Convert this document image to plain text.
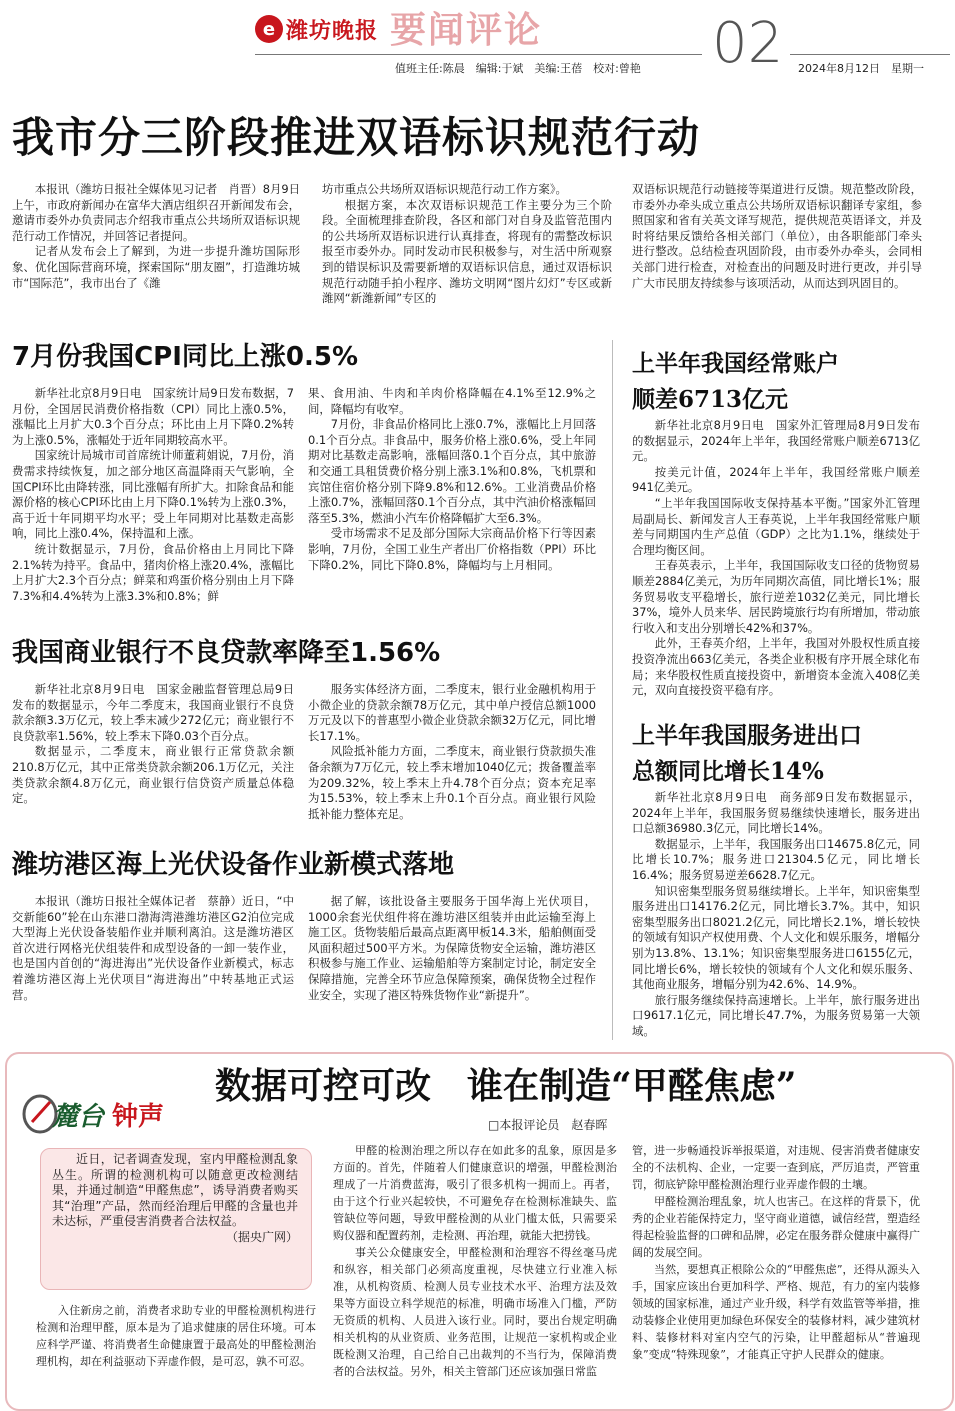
e 潍坊晚报 要闻评论	02
值班主任:陈晨　编辑:于斌　美编:王蓓　校对:曾艳	2024年8月12日　星期一
我市分三阶段推进双语标识规范行动

本报讯（潍坊日报社全媒体见习记者　肖晋）8月9日上午，市政府新闻办在富华大酒店组织召开新闻发布会，邀请市委外办负责同志介绍我市重点公共场所双语标识规范行动工作情况，并回答记者提问。

记者从发布会上了解到，为进一步提升潍坊国际形象、优化国际营商环境，探索国际“朋友圈”，打造潍坊城市“国际范”，我市出台了《潍

坊市重点公共场所双语标识规范行动工作方案》。

根据方案，本次双语标识规范工作主要分为三个阶段。全面梳理排查阶段，各区和部门对自身及监管范围内的公共场所双语标识进行认真排查，将现有的需整改标识报至市委外办。同时发动市民积极参与，对生活中所观察到的错误标识及需要新增的双语标识信息，通过双语标识规范行动随手拍小程序、潍坊文明网“图片幻灯”专区或新潍网“新潍新闻”专区的

双语标识规范行动链接等渠道进行反馈。规范整改阶段，市委外办牵头成立重点公共场所双语标识翻译专家组，参照国家和省有关英文译写规范，提供规范英语译文，并及时将结果反馈给各相关部门（单位），由各职能部门牵头进行整改。总结检查巩固阶段，由市委外办牵头，会同相关部门进行检查，对检查出的问题及时进行更改，并引导广大市民朋友持续参与该项活动，从而达到巩固目的。

7月份我国CPI同比上涨0.5%

新华社北京8月9日电　国家统计局9日发布数据，7月份，全国居民消费价格指数（CPI）同比上涨0.5%，涨幅比上月扩大0.3个百分点；环比由上月下降0.2%转为上涨0.5%，涨幅处于近年同期较高水平。

国家统计局城市司首席统计师董莉娟说，7月份，消费需求持续恢复，加之部分地区高温降雨天气影响，全国CPI环比由降转涨，同比涨幅有所扩大。扣除食品和能源价格的核心CPI环比由上月下降0.1%转为上涨0.3%，高于近十年同期平均水平；受上年同期对比基数走高影响，同比上涨0.4%，保持温和上涨。

统计数据显示，7月份，食品价格由上月同比下降2.1%转为持平。食品中，猪肉价格上涨20.4%，涨幅比上月扩大2.3个百分点；鲜菜和鸡蛋价格分别由上月下降7.3%和4.4%转为上涨3.3%和0.8%；鲜

果、食用油、牛肉和羊肉价格降幅在4.1%至12.9%之间，降幅均有收窄。

7月份，非食品价格同比上涨0.7%，涨幅比上月回落0.1个百分点。非食品中，服务价格上涨0.6%，受上年同期对比基数走高影响，涨幅回落0.1个百分点，其中旅游和交通工具租赁费价格分别上涨3.1%和0.8%，飞机票和宾馆住宿价格分别下降9.8%和12.6%。工业消费品价格上涨0.7%，涨幅回落0.1个百分点，其中汽油价格涨幅回落至5.3%，燃油小汽车价格降幅扩大至6.3%。

受市场需求不足及部分国际大宗商品价格下行等因素影响，7月份，全国工业生产者出厂价格指数（PPI）环比下降0.2%，同比下降0.8%，降幅均与上月相同。

我国商业银行不良贷款率降至1.56%

新华社北京8月9日电　国家金融监督管理总局9日发布的数据显示，今年二季度末，我国商业银行不良贷款余额3.3万亿元，较上季末减少272亿元；商业银行不良贷款率1.56%，较上季末下降0.03个百分点。

数据显示，二季度末，商业银行正常贷款余额210.8万亿元，其中正常类贷款余额206.1万亿元，关注类贷款余额4.8万亿元，商业银行信贷资产质量总体稳定。

服务实体经济方面，二季度末，银行业金融机构用于小微企业的贷款余额78万亿元，其中单户授信总额1000万元及以下的普惠型小微企业贷款余额32万亿元，同比增长17.1%。

风险抵补能力方面，二季度末，商业银行贷款损失准备余额为7万亿元，较上季末增加1040亿元；拨备覆盖率为209.32%，较上季末上升4.78个百分点；资本充足率为15.53%，较上季末上升0.1个百分点。商业银行风险抵补能力整体充足。

潍坊港区海上光伏设备作业新模式落地

本报讯（潍坊日报社全媒体记者　蔡静）近日，“中交新能60”轮在山东港口渤海湾港潍坊港区G2泊位完成大型海上光伏设备装船作业并顺利离泊。这是潍坊港区首次进行网格光伏组装件和成型设备的一卸一装作业，也是国内首创的“海进海出”光伏设备作业新模式，标志着潍坊港区海上光伏项目“海进海出”中转基地正式运营。

据了解，该批设备主要服务于国华海上光伏项目，1000余套光伏组件将在潍坊港区组装并由此运输至海上施工区。货物装船后最高点距离甲板14.3米，船舶侧面受风面积超过500平方米。为保障货物安全运输，潍坊港区积极参与施工作业、运输船舶等方案制定讨论，制定安全保障措施，完善全环节应急保障预案，确保货物全过程作业安全，实现了港区特殊货物作业“新提升”。

上半年我国经常账户
顺差6713亿元

新华社北京8月9日电　国家外汇管理局8月9日发布的数据显示，2024年上半年，我国经常账户顺差6713亿元。

按美元计值，2024年上半年，我国经常账户顺差941亿美元。

“上半年我国国际收支保持基本平衡。”国家外汇管理局副局长、新闻发言人王春英说，上半年我国经常账户顺差与同期国内生产总值（GDP）之比为1.1%，继续处于合理均衡区间。

王春英表示，上半年，我国国际收支口径的货物贸易顺差2884亿美元，为历年同期次高值，同比增长1%；服务贸易收支平稳增长，旅行逆差1032亿美元，同比增长37%，境外人员来华、居民跨境旅行均有所增加，带动旅行收入和支出分别增长42%和37%。

此外，王春英介绍，上半年，我国对外股权性质直接投资净流出663亿美元，各类企业积极有序开展全球化布局；来华股权性质直接投资中，新增资本金流入408亿美元，双向直接投资平稳有序。

上半年我国服务进出口
总额同比增长14%

新华社北京8月9日电　商务部9日发布数据显示，2024年上半年，我国服务贸易继续快速增长，服务进出口总额36980.3亿元，同比增长14%。

数据显示，上半年，我国服务出口14675.8亿元，同比增长10.7%；服务进口21304.5亿元，同比增长16.4%；服务贸易逆差6628.7亿元。

知识密集型服务贸易继续增长。上半年，知识密集型服务进出口14176.2亿元，同比增长3.7%。其中，知识密集型服务出口8021.2亿元，同比增长2.1%，增长较快的领域有知识产权使用费、个人文化和娱乐服务，增幅分别为13.8%、13.1%；知识密集型服务进口6155亿元，同比增长6%，增长较快的领域有个人文化和娱乐服务、其他商业服务，增幅分别为42.6%、14.9%。

旅行服务继续保持高速增长。上半年，旅行服务进出口9617.1亿元，同比增长47.7%，为服务贸易第一大领域。

麓台 钟声
数据可控可改　谁在制造“甲醛焦虑”
□本报评论员　赵春晖

近日，记者调查发现，室内甲醛检测乱象丛生。所谓的检测机构可以随意更改检测结果，并通过制造“甲醛焦虑”，诱导消费者购买其“治理”产品，然而经治理后甲醛的含量也并未达标，严重侵害消费者合法权益。

（据央广网）

入住新房之前，消费者求助专业的甲醛检测机构进行检测和治理甲醛，原本是为了追求健康的居住环境。可本应科学严谨、将消费者生命健康置于最高处的甲醛检测治理机构，却在利益驱动下弄虚作假，是可忍，孰不可忍。

甲醛的检测治理之所以存在如此多的乱象，原因是多方面的。首先，伴随着人们健康意识的增强，甲醛检测治理成了一片消费蓝海，吸引了很多机构一拥而上。再者，由于这个行业兴起较快，不可避免存在检测标准缺失、监管缺位等问题，导致甲醛检测的从业门槛太低，只需要采购仪器和配置药剂，走检测、再治理，就能大把捞钱。

事关公众健康安全，甲醛检测和治理容不得丝毫马虎和纵容，相关部门必须高度重视，尽快建立行业准入标准，从机构资质、检测人员专业技术水平、治理方法及效果等方面设立科学规范的标准，明确市场准入门槛，严防无资质的机构、人员进入该行业。同时，要出台规定明确相关机构的从业资质、业务范围，让规范一家机构或企业既检测又治理，自己给自己出裁判的不当行为，保障消费者的合法权益。另外，相关主管部门还应该加强日常监

管，进一步畅通投诉举报渠道，对违规、侵害消费者健康安全的不法机构、企业，一定要一查到底，严厉追责，严管重罚，彻底铲除甲醛检测治理行业弄虚作假的土壤。

甲醛检测治理乱象，坑人也害己。在这样的背景下，优秀的企业若能保持定力，坚守商业道德，诚信经营，塑造经得起检验监督的口碑和品牌，必定在服务群众健康中赢得广阔的发展空间。

当然，要想真正根除公众的“甲醛焦虑”，还得从源头入手，国家应该出台更加科学、严格、规范，有力的室内装修领域的国家标准，通过产业升级，科学有效监管等举措，推动装修企业使用更加绿色环保安全的装修材料，减少建筑材料、装修材料对室内空气的污染，让甲醛超标从“普遍现象”变成“特殊现象”，才能真正守护人民群众的健康。
